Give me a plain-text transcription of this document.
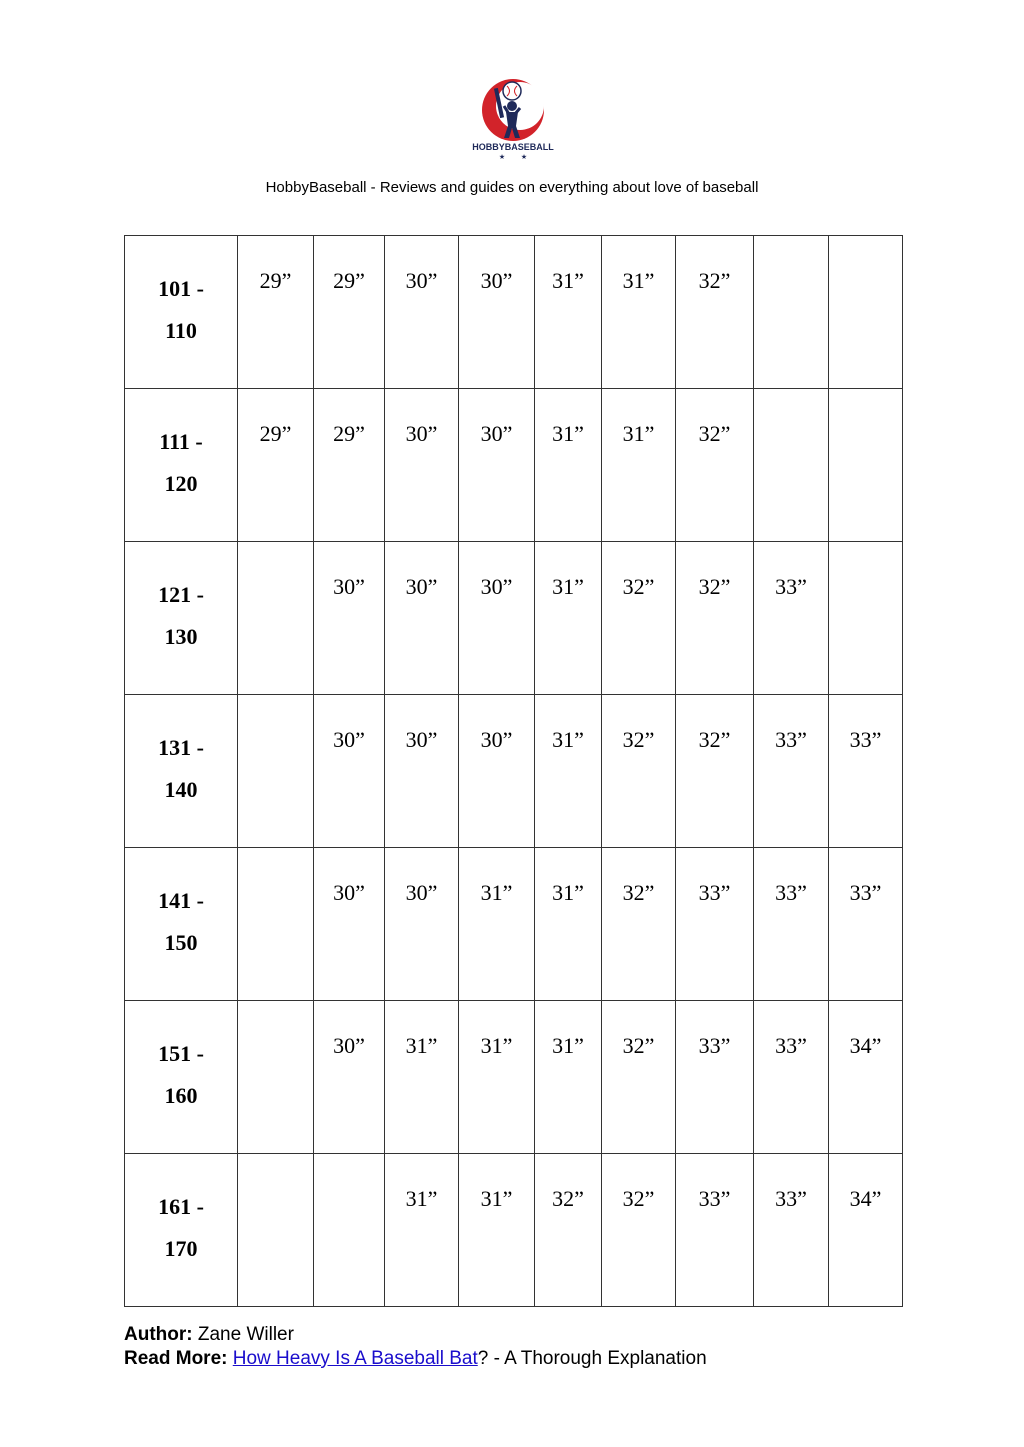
HOBBYBASEBALL
★ ★
HobbyBaseball - Reviews and guides on everything about love of baseball
101 -
110	29”	29”	30”	30”	31”	31”	32”		

111 -
120	29”	29”	30”	30”	31”	31”	32”		

121 -
130		30”	30”	30”	31”	32”	32”	33”	

131 -
140		30”	30”	30”	31”	32”	32”	33”	33”

141 -
150		30”	30”	31”	31”	32”	33”	33”	33”

151 -
160		30”	31”	31”	31”	32”	33”	33”	34”

161 -
170			31”	31”	32”	32”	33”	33”	34”
Author: Zane Willer
Read More: How Heavy Is A Baseball Bat? - A Thorough Explanation
